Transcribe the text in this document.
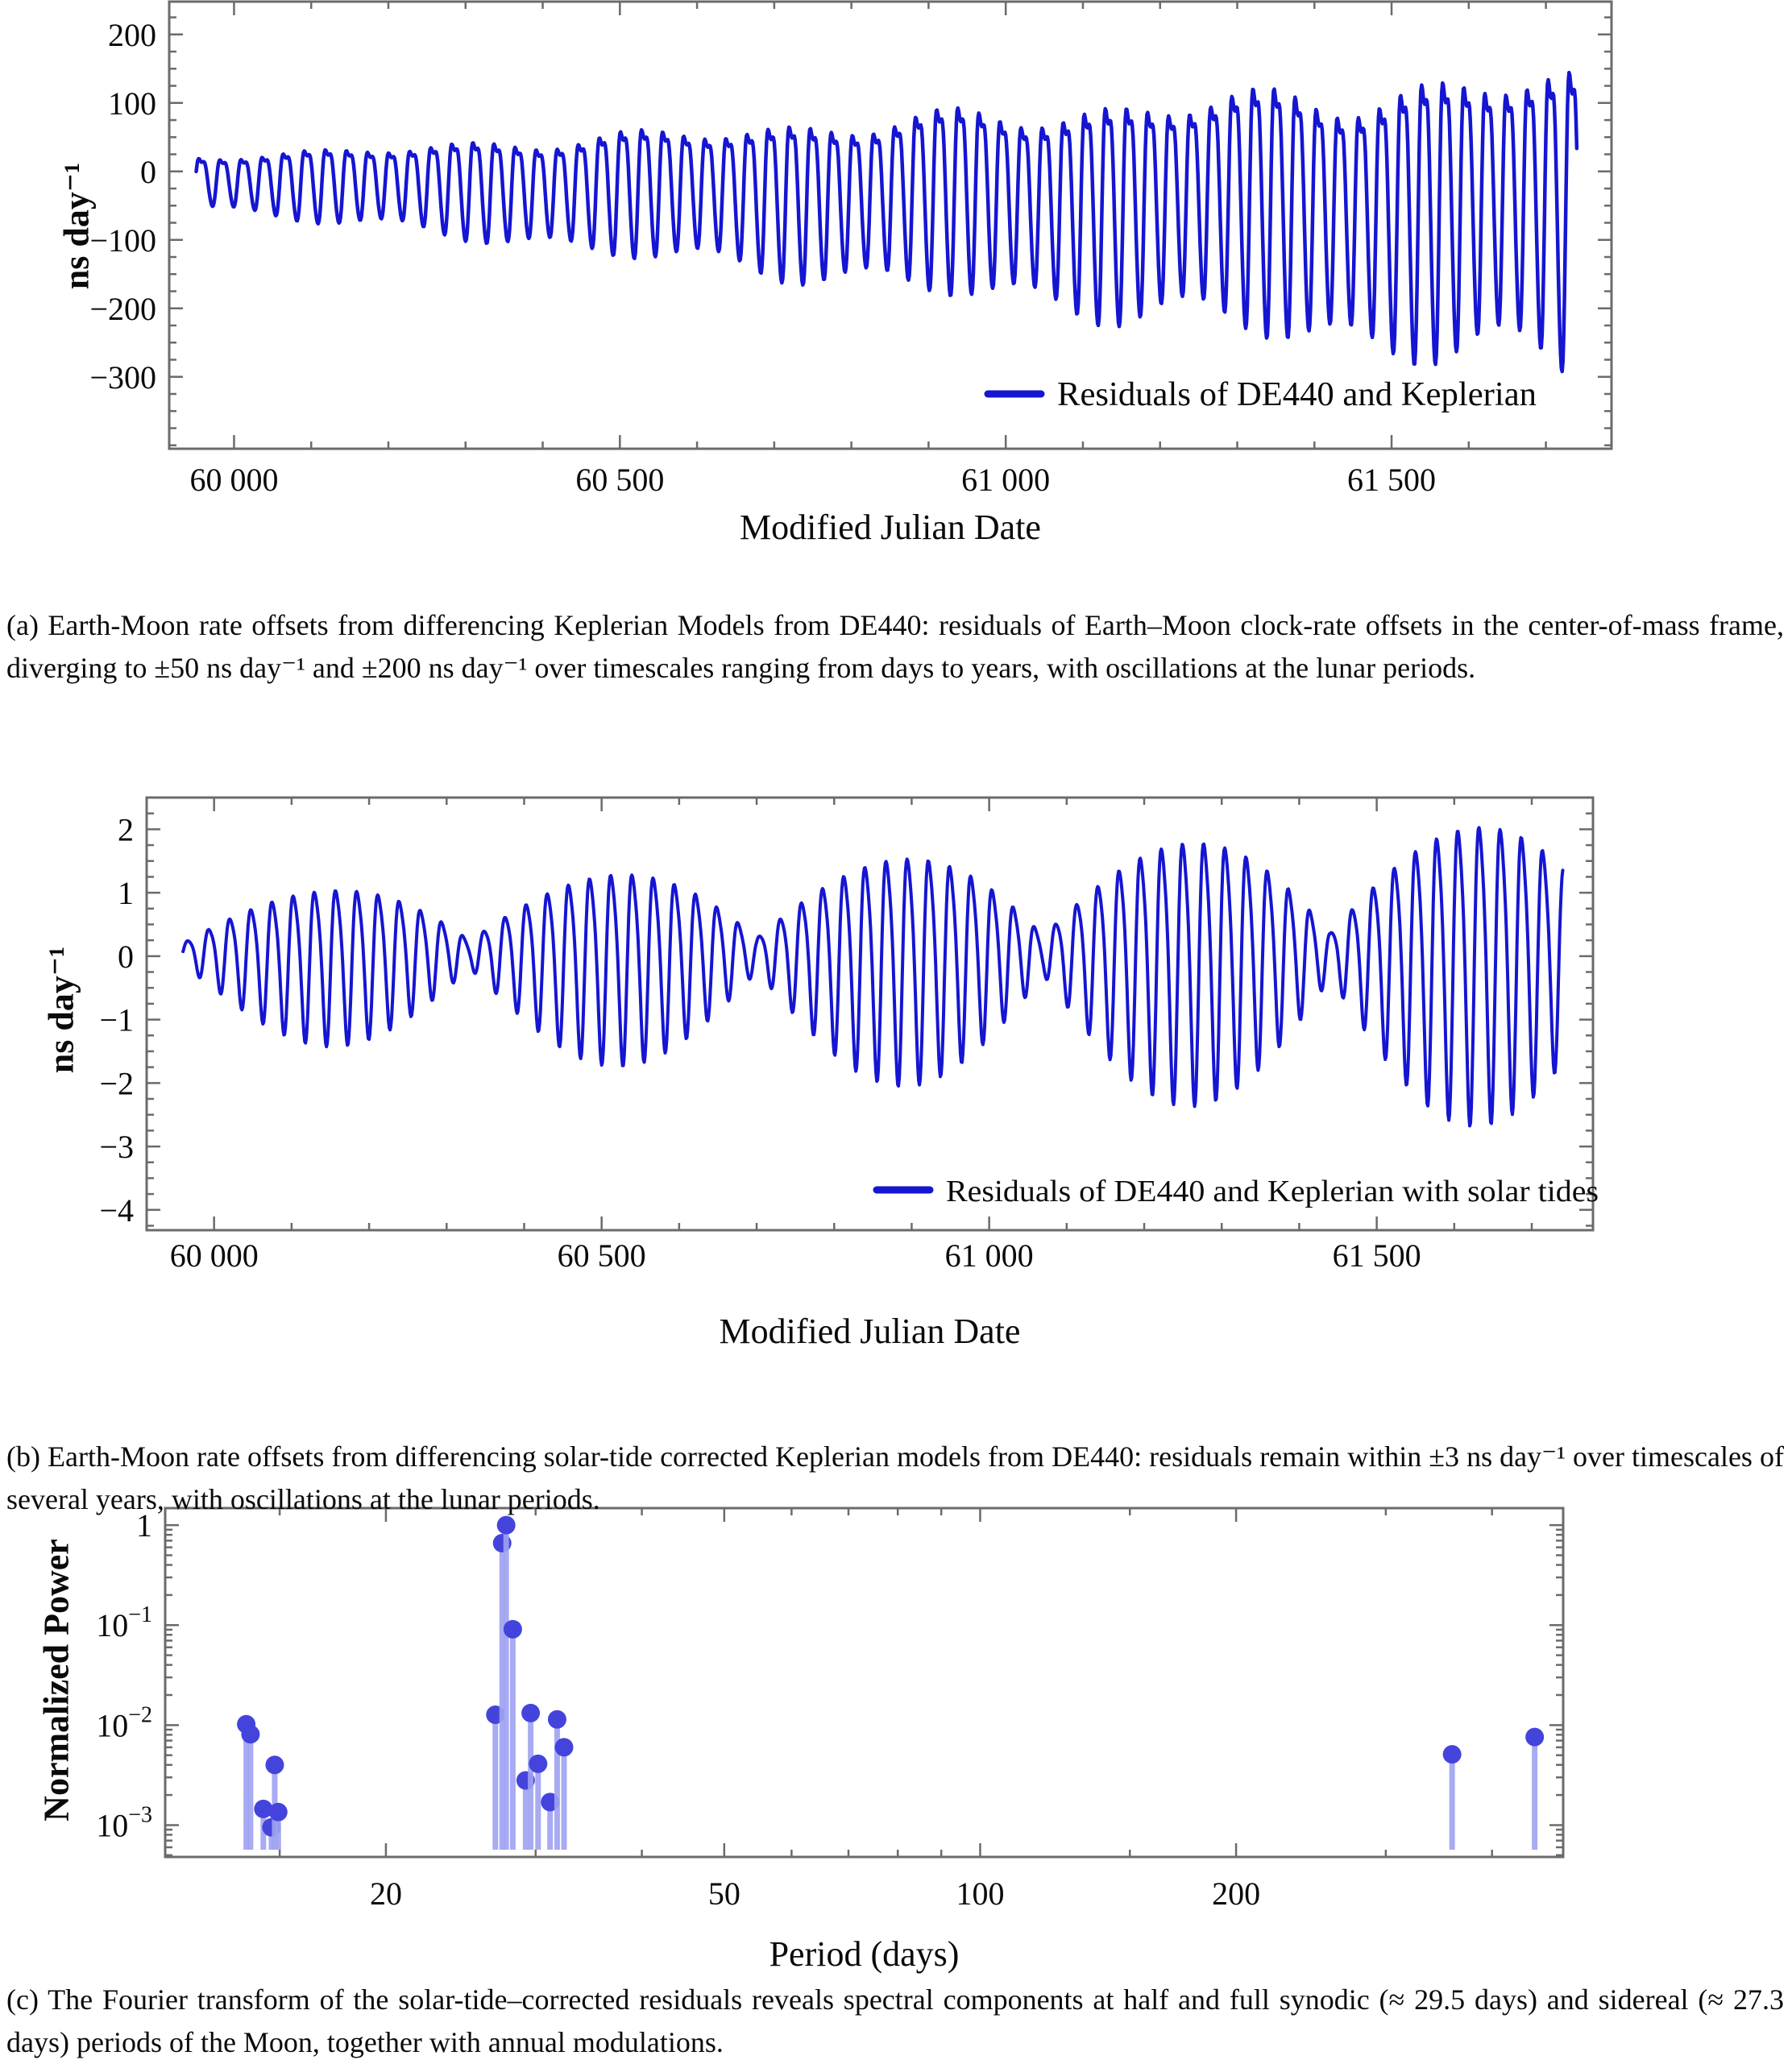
60 000	60 500	61 000	61 500
200
100
0
−100
−200
−300	Residuals of DE440 and Keplerian
60 000	60 500	61 000	61 500
2
1
0
−1
−2
−3
−4
Residuals of DE440 and Keplerian with solar tides
20	50	100	200
1
$10^{-1}$
$10^{-2}$
$10^{-3}$
Modified Julian Date
ns day⁻¹
Modified Julian Date
ns day⁻¹
Period (days)
Normalized Power
(a) Earth-Moon rate offsets from differencing Keplerian Models from DE440: residuals of Earth–Moon clock-rate offsets in the center-of-mass frame, diverging to ±50 ns day⁻¹ and ±200 ns day⁻¹ over timescales ranging from days to years, with oscillations at the lunar periods.
(b) Earth-Moon rate offsets from differencing solar-tide corrected Keplerian models from DE440: residuals remain within ±3 ns day⁻¹ over timescales of several years, with oscillations at the lunar periods.
(c) The Fourier transform of the solar-tide–corrected residuals reveals spectral components at half and full synodic (≈ 29.5 days) and sidereal (≈ 27.3 days) periods of the Moon, together with annual modulations.
